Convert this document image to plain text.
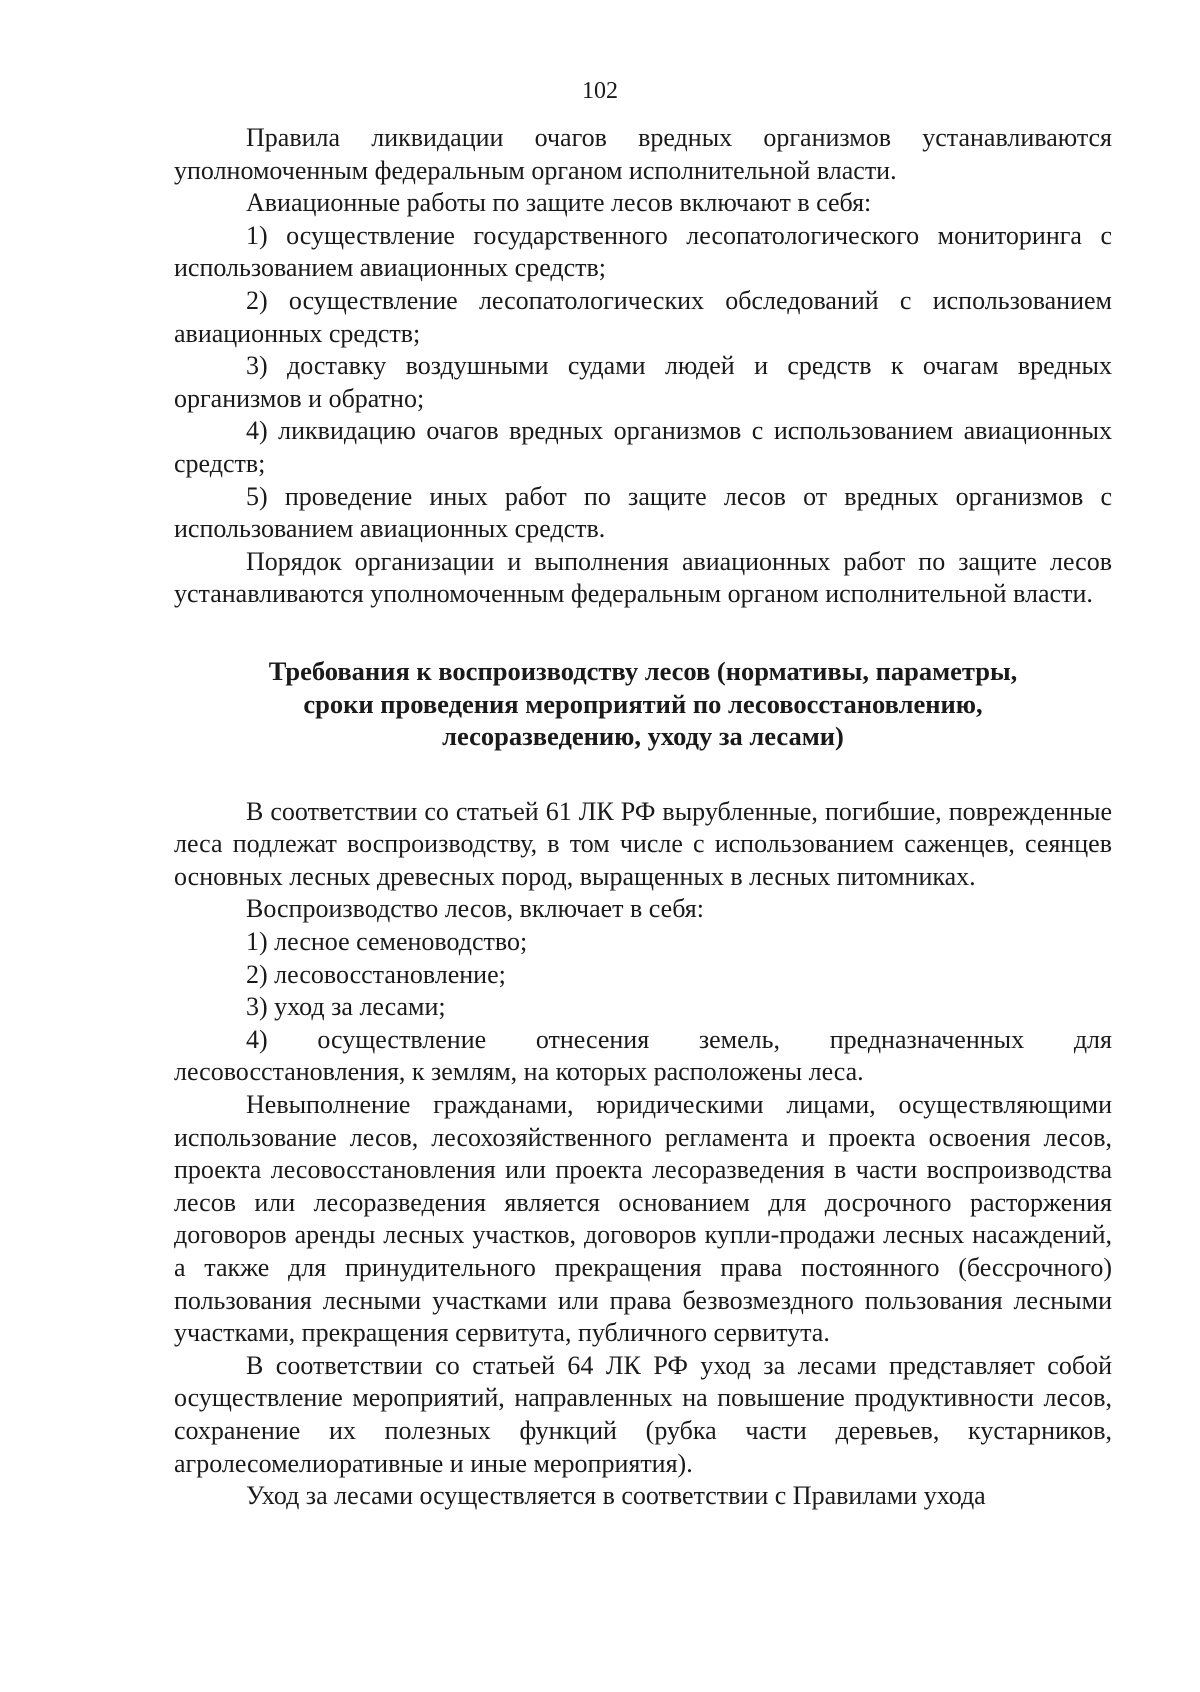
102

Правила ликвидации очагов вредных организмов устанавливаются уполномоченным федеральным органом исполнительной власти.

Авиационные работы по защите лесов включают в себя:

1) осуществление государственного лесопатологического мониторинга с использованием авиационных средств;

2) осуществление лесопатологических обследований с использованием авиационных средств;

3) доставку воздушными судами людей и средств к очагам вредных организмов и обратно;

4) ликвидацию очагов вредных организмов с использованием авиационных средств;

5) проведение иных работ по защите лесов от вредных организмов с использованием авиационных средств.

Порядок организации и выполнения авиационных работ по защите лесов устанавливаются уполномоченным федеральным органом исполнительной власти.

Требования к воспроизводству лесов (нормативы, параметры,
сроки проведения мероприятий по лесовосстановлению,
лесоразведению, уходу за лесами)

В соответствии со статьей 61 ЛК РФ вырубленные, погибшие, поврежденные леса подлежат воспроизводству, в том числе с использованием саженцев, сеянцев основных лесных древесных пород, выращенных в лесных питомниках.

Воспроизводство лесов, включает в себя:

1) лесное семеноводство;

2) лесовосстановление;

3) уход за лесами;

4) осуществление отнесения земель, предназначенных для лесовосстановления, к землям, на которых расположены леса.

Невыполнение гражданами, юридическими лицами, осуществляющими использование лесов, лесохозяйственного регламента и проекта освоения лесов, проекта лесовосстановления или проекта лесоразведения в части воспроизводства лесов или лесоразведения является основанием для досрочного расторжения договоров аренды лесных участков, договоров купли-продажи лесных насаждений, а также для принудительного прекращения права постоянного (бессрочного) пользования лесными участками или права безвозмездного пользования лесными участками, прекращения сервитута, публичного сервитута.

В соответствии со статьей 64 ЛК РФ уход за лесами представляет собой осуществление мероприятий, направленных на повышение продуктивности лесов, сохранение их полезных функций (рубка части деревьев, кустарников, агролесомелиоративные и иные мероприятия).

Уход за лесами осуществляется в соответствии с Правилами ухода
